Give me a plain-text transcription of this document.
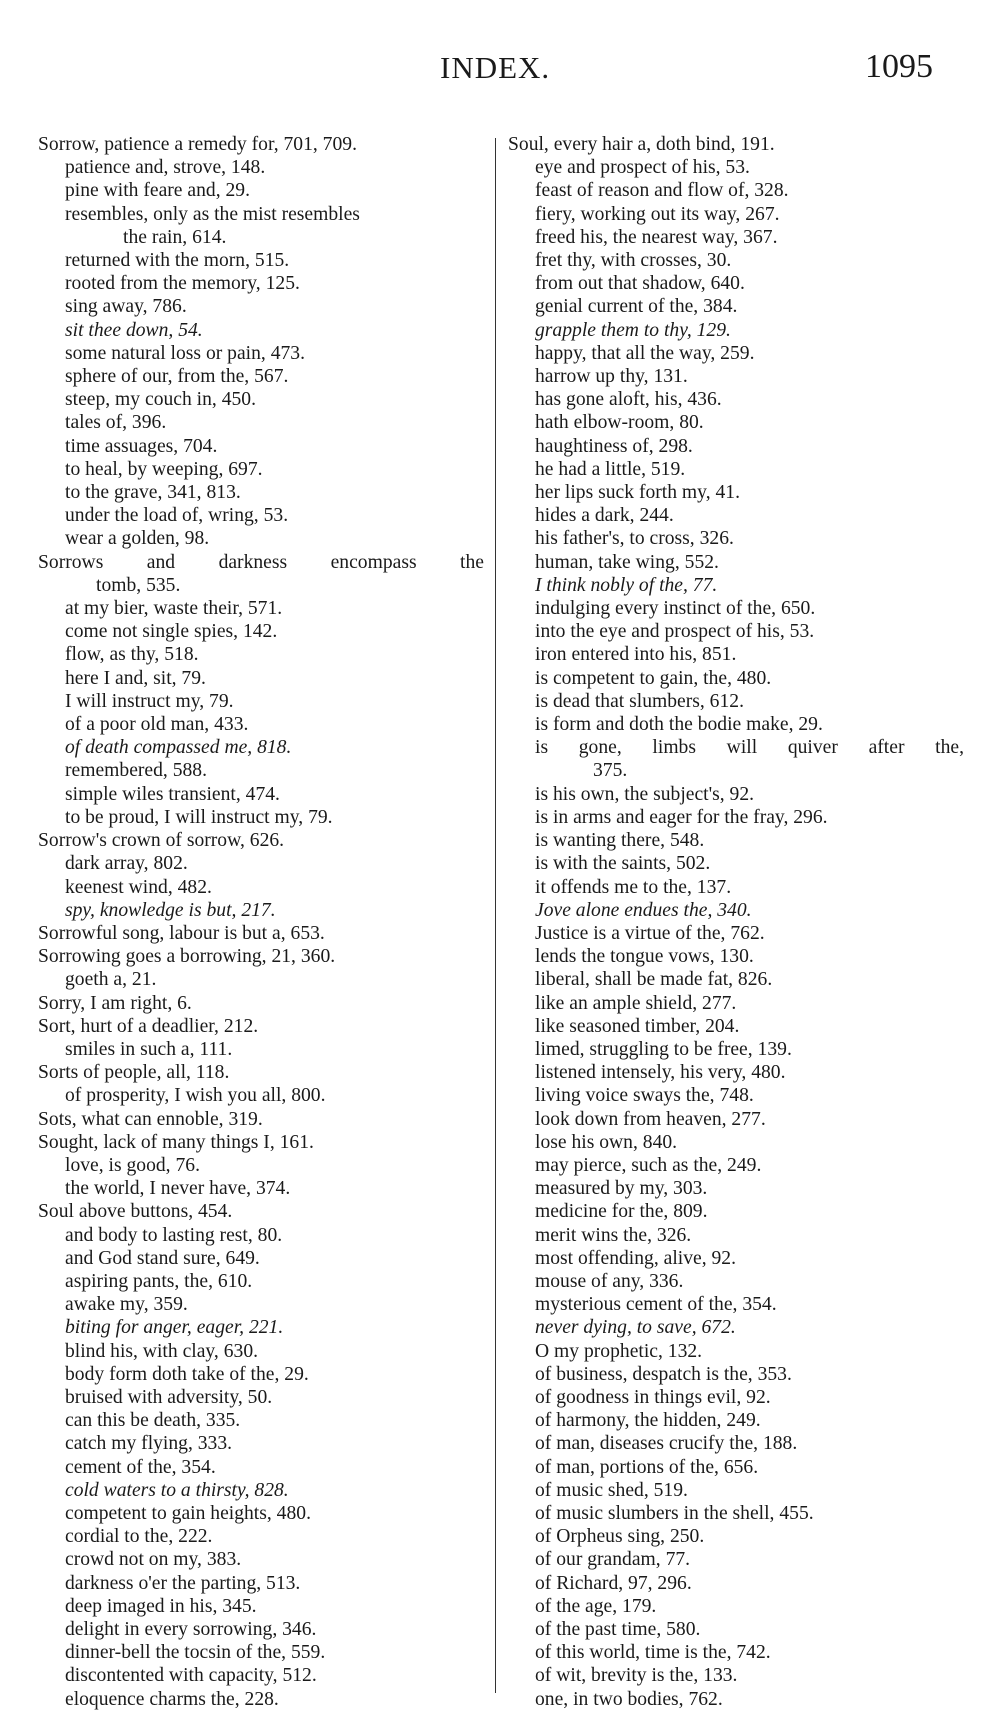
INDEX.	1095
Sorrow, patience a remedy for, 701, 709.
patience and, strove, 148.
pine with feare and, 29.
resembles, only as the mist resembles
the rain, 614.
returned with the morn, 515.
rooted from the memory, 125.
sing away, 786.
sit thee down, 54.
some natural loss or pain, 473.
sphere of our, from the, 567.
steep, my couch in, 450.
tales of, 396.
time assuages, 704.
to heal, by weeping, 697.
to the grave, 341, 813.
under the load of, wring, 53.
wear a golden, 98.
Sorrows and darkness encompass the
tomb, 535.
at my bier, waste their, 571.
come not single spies, 142.
flow, as thy, 518.
here I and, sit, 79.
I will instruct my, 79.
of a poor old man, 433.
of death compassed me, 818.
remembered, 588.
simple wiles transient, 474.
to be proud, I will instruct my, 79.
Sorrow's crown of sorrow, 626.
dark array, 802.
keenest wind, 482.
spy, knowledge is but, 217.
Sorrowful song, labour is but a, 653.
Sorrowing goes a borrowing, 21, 360.
goeth a, 21.
Sorry, I am right, 6.
Sort, hurt of a deadlier, 212.
smiles in such a, 111.
Sorts of people, all, 118.
of prosperity, I wish you all, 800.
Sots, what can ennoble, 319.
Sought, lack of many things I, 161.
love, is good, 76.
the world, I never have, 374.
Soul above buttons, 454.
and body to lasting rest, 80.
and God stand sure, 649.
aspiring pants, the, 610.
awake my, 359.
biting for anger, eager, 221.
blind his, with clay, 630.
body form doth take of the, 29.
bruised with adversity, 50.
can this be death, 335.
catch my flying, 333.
cement of the, 354.
cold waters to a thirsty, 828.
competent to gain heights, 480.
cordial to the, 222.
crowd not on my, 383.
darkness o'er the parting, 513.
deep imaged in his, 345.
delight in every sorrowing, 346.
dinner-bell the tocsin of the, 559.
discontented with capacity, 512.
eloquence charms the, 228.
Soul, every hair a, doth bind, 191.
eye and prospect of his, 53.
feast of reason and flow of, 328.
fiery, working out its way, 267.
freed his, the nearest way, 367.
fret thy, with crosses, 30.
from out that shadow, 640.
genial current of the, 384.
grapple them to thy, 129.
happy, that all the way, 259.
harrow up thy, 131.
has gone aloft, his, 436.
hath elbow-room, 80.
haughtiness of, 298.
he had a little, 519.
her lips suck forth my, 41.
hides a dark, 244.
his father's, to cross, 326.
human, take wing, 552.
I think nobly of the, 77.
indulging every instinct of the, 650.
into the eye and prospect of his, 53.
iron entered into his, 851.
is competent to gain, the, 480.
is dead that slumbers, 612.
is form and doth the bodie make, 29.
is gone, limbs will quiver after the,
375.
is his own, the subject's, 92.
is in arms and eager for the fray, 296.
is wanting there, 548.
is with the saints, 502.
it offends me to the, 137.
Jove alone endues the, 340.
Justice is a virtue of the, 762.
lends the tongue vows, 130.
liberal, shall be made fat, 826.
like an ample shield, 277.
like seasoned timber, 204.
limed, struggling to be free, 139.
listened intensely, his very, 480.
living voice sways the, 748.
look down from heaven, 277.
lose his own, 840.
may pierce, such as the, 249.
measured by my, 303.
medicine for the, 809.
merit wins the, 326.
most offending, alive, 92.
mouse of any, 336.
mysterious cement of the, 354.
never dying, to save, 672.
O my prophetic, 132.
of business, despatch is the, 353.
of goodness in things evil, 92.
of harmony, the hidden, 249.
of man, diseases crucify the, 188.
of man, portions of the, 656.
of music shed, 519.
of music slumbers in the shell, 455.
of Orpheus sing, 250.
of our grandam, 77.
of Richard, 97, 296.
of the age, 179.
of the past time, 580.
of this world, time is the, 742.
of wit, brevity is the, 133.
one, in two bodies, 762.
